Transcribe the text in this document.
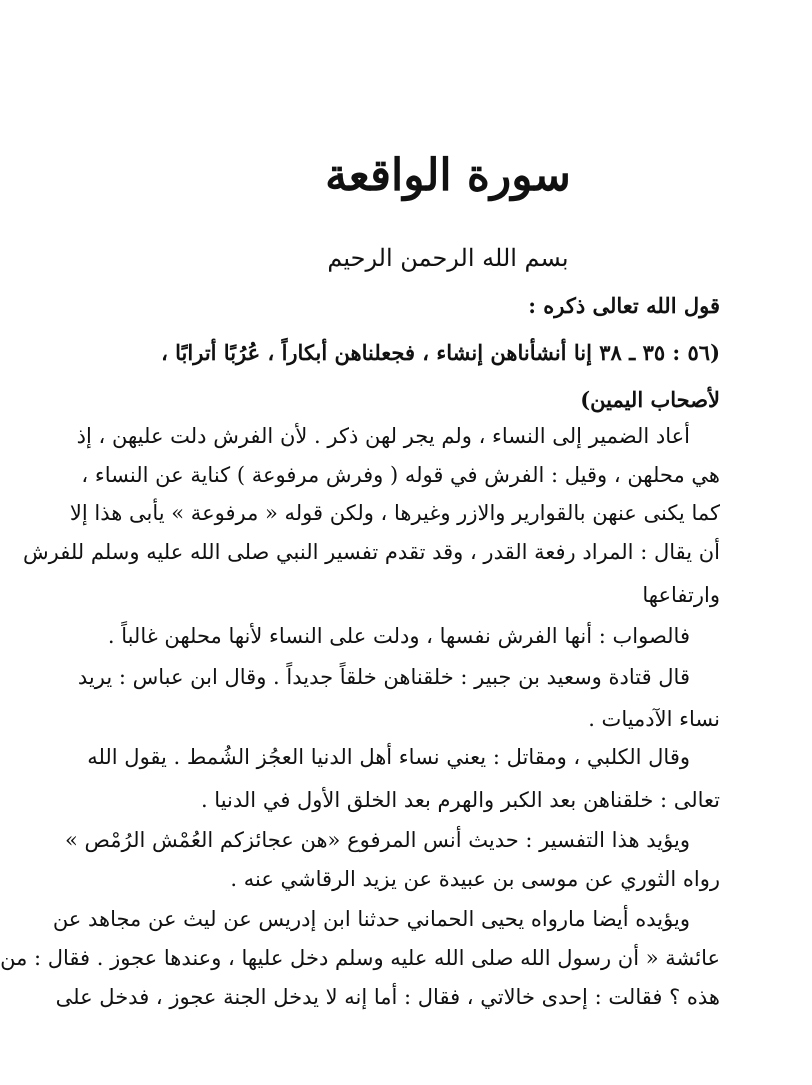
سورة الواقعة

بسم الله الرحمن الرحيم

قول الله تعالى ذكره :

(٥٦ : ٣٥ ـ ٣٨ إنا أنشأناهن إنشاء ، فجعلناهن أبكاراً ، عُرُبًا أترابًا ،

لأصحاب اليمين)

أعاد الضمير إلى النساء ، ولم يجر لهن ذكر . لأن الفرش دلت عليهن ، إذ

هي محلهن ، وقيل : الفرش في قوله ( وفرش مرفوعة ) كناية عن النساء ،

كما يكنى عنهن بالقوارير والازر وغيرها ، ولكن قوله « مرفوعة » يأبى هذا إلا

أن يقال : المراد رفعة القدر ، وقد تقدم تفسير النبي صلى الله عليه وسلم للفرش

وارتفاعها

فالصواب : أنها الفرش نفسها ، ودلت على النساء لأنها محلهن غالباً .

قال قتادة وسعيد بن جبير : خلقناهن خلقاً جديداً . وقال ابن عباس : يريد

نساء الآدميات .

وقال الكلبي ، ومقاتل : يعني نساء أهل الدنيا العجُز الشُمط . يقول الله

تعالى : خلقناهن بعد الكبر والهرم بعد الخلق الأول في الدنيا .

ويؤيد هذا التفسير : حديث أنس المرفوع «هن عجائزكم العُمْش الرُمْص »

رواه الثوري عن موسى بن عبيدة عن يزيد الرقاشي عنه .

ويؤيده أيضا مارواه يحيى الحماني حدثنا ابن إدريس عن ليث عن مجاهد عن

عائشة « أن رسول الله صلى الله عليه وسلم دخل عليها ، وعندها عجوز . فقال : من

هذه ؟ فقالت : إحدى خالاتي ، فقال : أما إنه لا يدخل الجنة عجوز ، فدخل على
